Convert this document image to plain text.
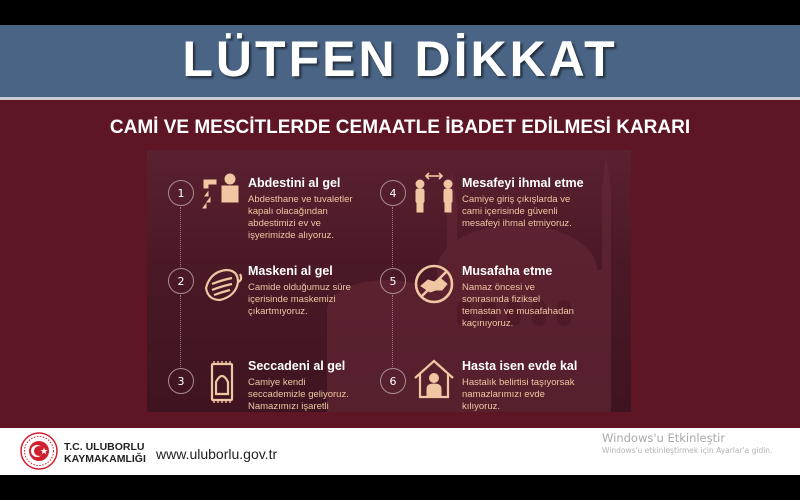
LÜTFEN DİKKAT
CAMİ VE MESCİTLERDE CEMAATLE İBADET EDİLMESİ KARARI
1
Abdestini al gel
Abdesthane ve tuvaletler
kapalı olacağından
abdestimizi ev ve
işyerimizde alıyoruz.
2
Maskeni al gel
Camide olduğumuz süre
içerisinde maskemizi
çıkartmıyoruz.
3
Seccadeni al gel
Camiye kendi
seccademizle geliyoruz.
Namazımızı işaretli
4
Mesafeyi ihmal etme
Camiye giriş çıkışlarda ve
cami içerisinde güvenli
mesafeyi ihmal etmiyoruz.
5
Musafaha etme
Namaz öncesi ve
sonrasında fiziksel
temastan ve musafahadan
kaçınıyoruz.
6
Hasta isen evde kal
Hastalık belirtisi taşıyorsak
namazlarımızı evde
kılıyoruz.
T.C. ULUBORLU
KAYMAKAMLIĞI www.uluborlu.gov.tr
Windows'u Etkinleştir
Windows'u etkinleştirmek için Ayarlar'a gidin.
